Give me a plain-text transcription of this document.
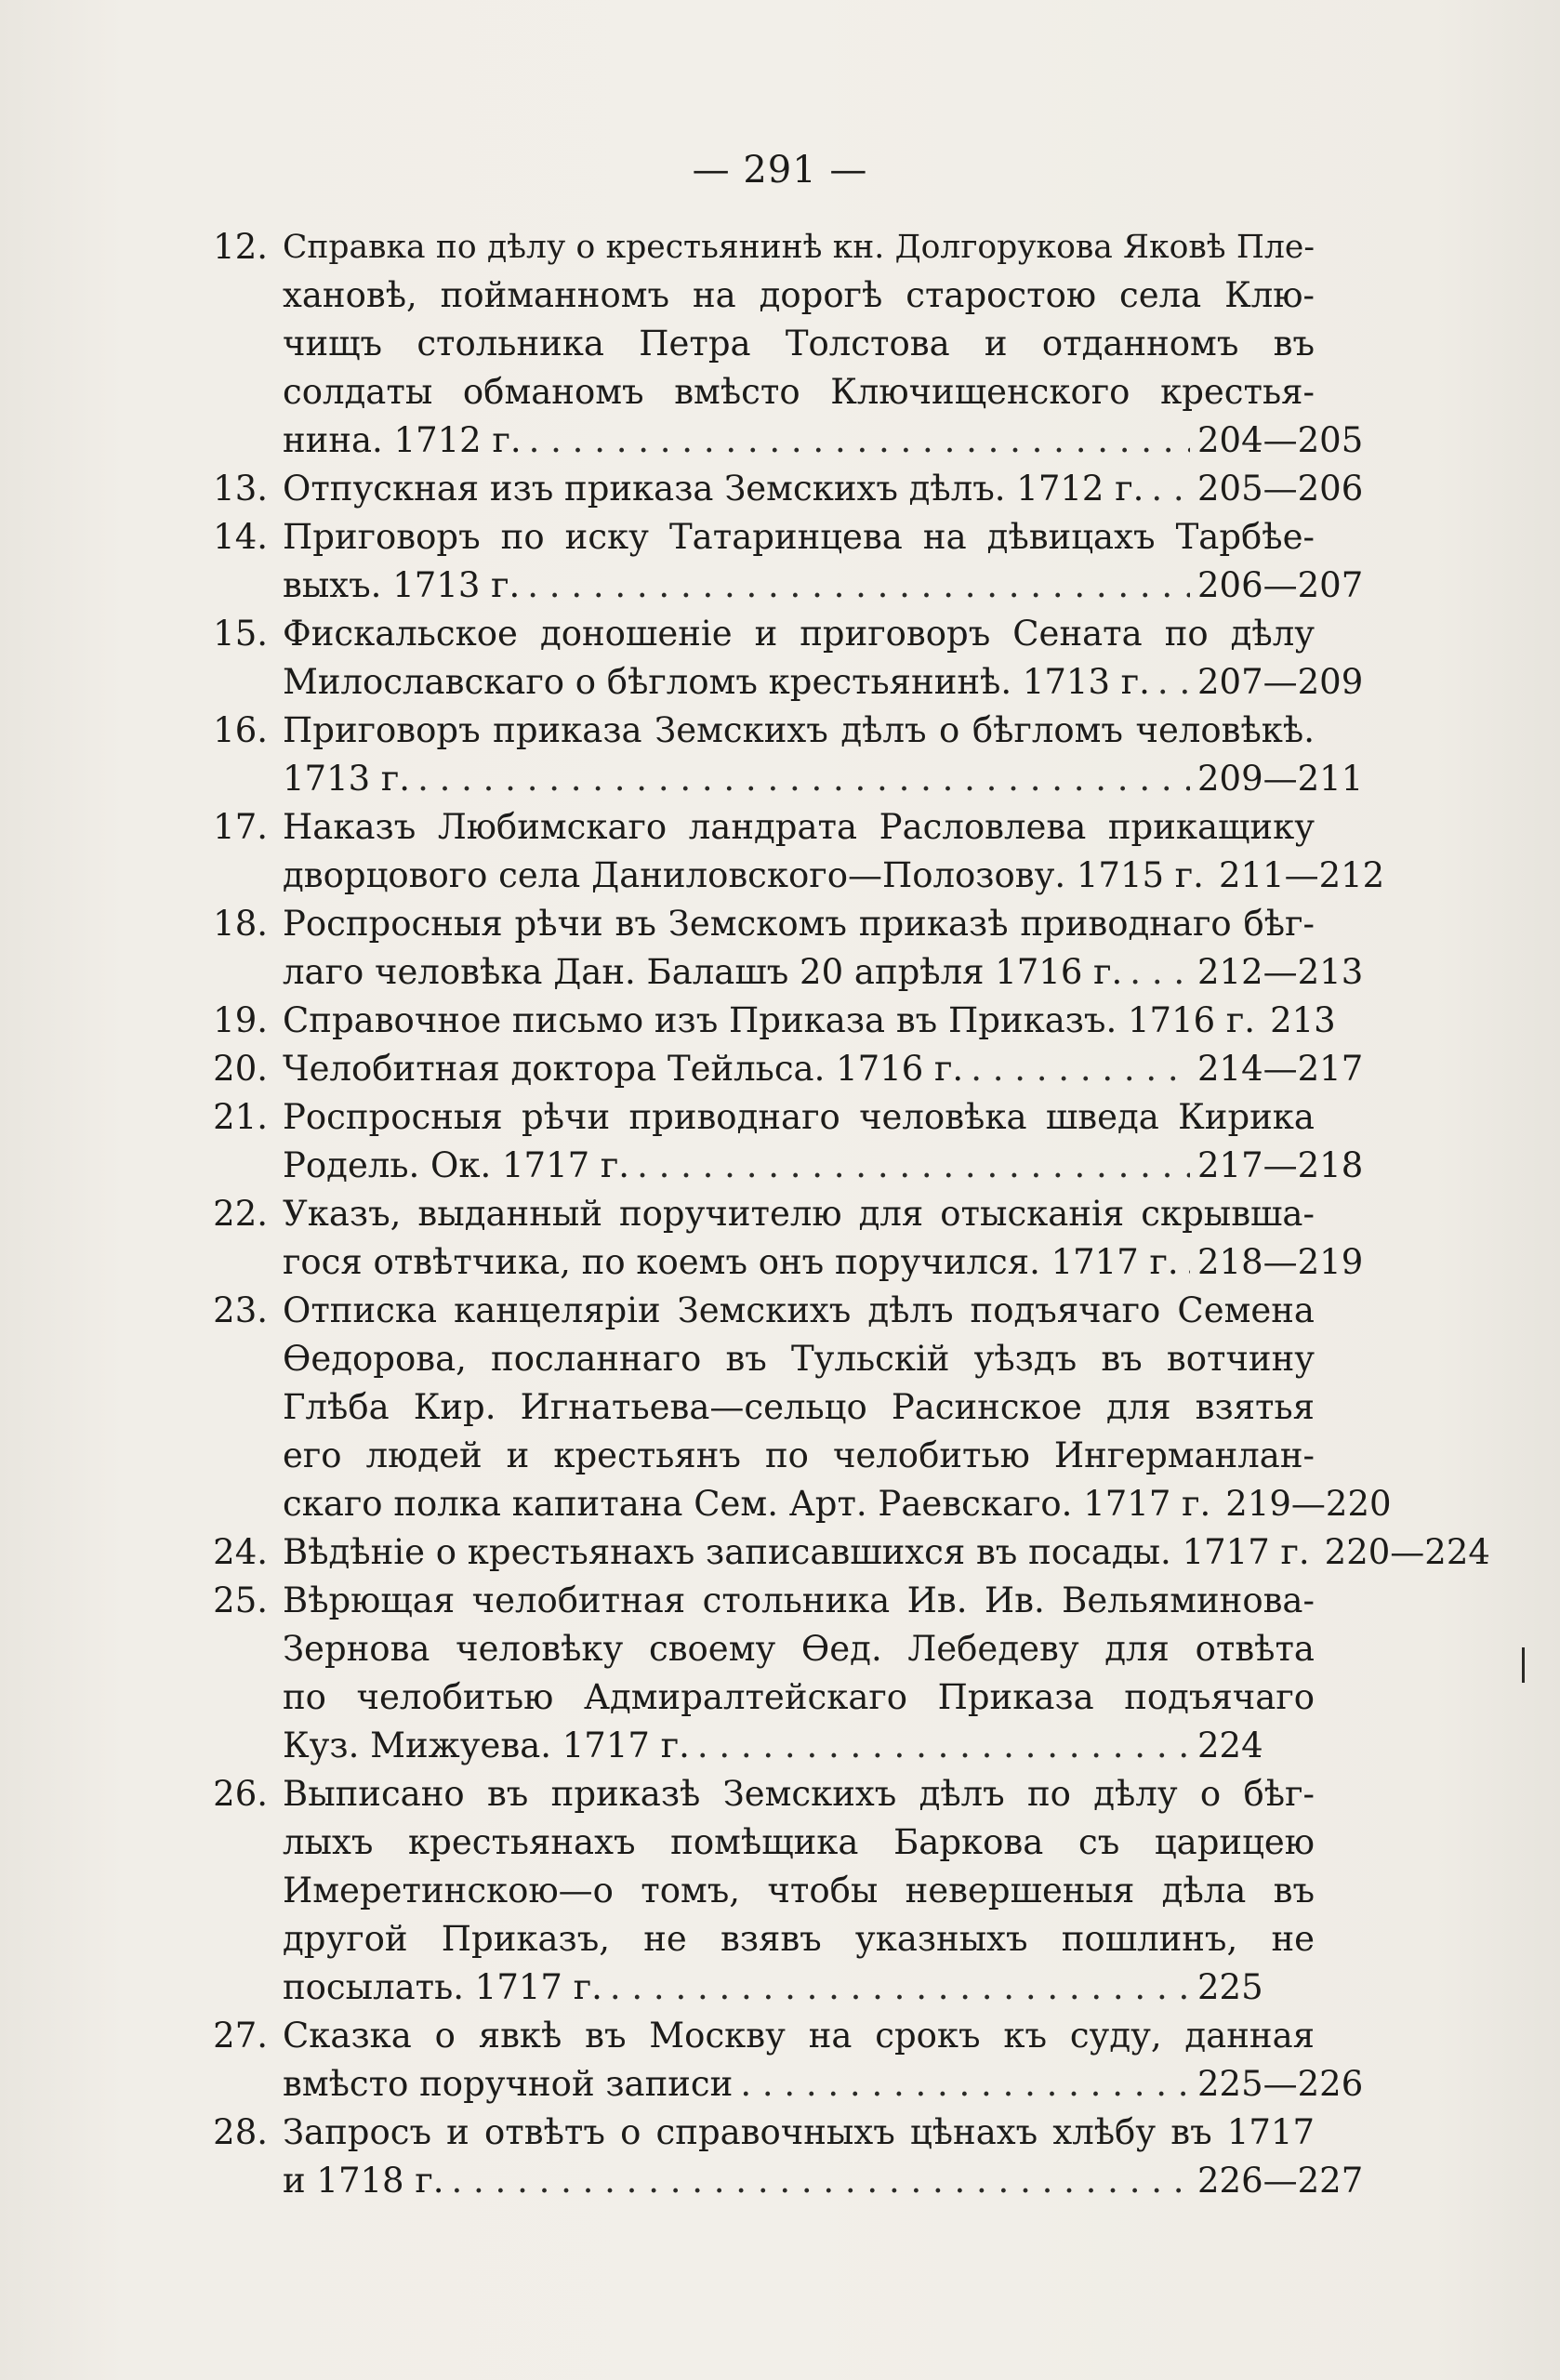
— 291 —
12. Справка по дѣлу о крестьянинѣ кн. Долгорукова Яковѣ Пле-
хановѣ, пойманномъ на дорогѣ старостою села Клю-
чищъ стольника Петра Толстова и отданномъ въ
солдаты обманомъ вмѣсто Ключищенского крестья-
нина. 1712 г. . . .	204—205
13. Отпускная изъ приказа Земскихъ дѣлъ. 1712 г. . . . 205—206
14. Приговоръ по иску Татаринцева на дѣвицахъ Тарбѣе-
выхъ. 1713 г. . . .	206—207
15. Фискальское доношеніе и приговоръ Сената по дѣлу
Милославскаго о бѣгломъ крестьянинѣ. 1713 г. . . . 207—209
16. Приговоръ приказа Земскихъ дѣлъ о бѣгломъ человѣкѣ.
1713 г. . . .	209—211
17. Наказъ Любимскаго ландрата Расловлева прикащику
дворцового села Даниловского—Полозову. 1715 г. 211—212
18. Роспросныя рѣчи въ Земскомъ приказѣ приводнаго бѣг-
лаго человѣка Дан. Балашъ 20 апрѣля 1716 г. . . . 212—213
19. Справочное письмо изъ Приказа въ Приказъ. 1716 г. 213
20. Челобитная доктора Тейльса. 1716 г. . . .	214—217
21. Роспросныя рѣчи приводнаго человѣка шведа Кирика
Родель. Ок. 1717 г. . . .	217—218
22. Указъ, выданный поручителю для отысканія скрывшa-
гося отвѣтчика, по коемъ онъ поручился. 1717 г. . . . 218—219
23. Отписка канцеляріи Земскихъ дѣлъ подъячаго Семена
Ѳедорова, посланнаго въ Тульскій уѣздъ въ вотчину
Глѣба Кир. Игнатьева—сельцо Расинское для взятья
его людей и крестьянъ по челобитью Ингерманлан-
скаго полка капитана Сем. Арт. Раевскаго. 1717 г. 219—220
24. Вѣдѣніе о крестьянахъ записавшихся въ посады. 1717 г. 220—224
25. Вѣрющая челобитная стольника Ив. Ив. Вельяминова-
Зернова человѣку своему Ѳед. Лебедеву для отвѣта
по челобитью Адмиралтейскаго Приказа подъячаго
Куз. Мижуева. 1717 г. . . .	224
26. Выписано въ приказѣ Земскихъ дѣлъ по дѣлу о бѣг-
лыхъ крестьянахъ помѣщика Баркова съ царицею
Имеретинскою—о томъ, чтобы невершеныя дѣла въ
другой Приказъ, не взявъ указныхъ пошлинъ, не
посылать. 1717 г. . . .	225
27. Сказка о явкѣ въ Москву на срокъ къ суду, данная
вмѣсто поручной записи . . .	225—226
28. Запросъ и отвѣтъ о справочныхъ цѣнахъ хлѣбу въ 1717
и 1718 г. . . .	226—227
